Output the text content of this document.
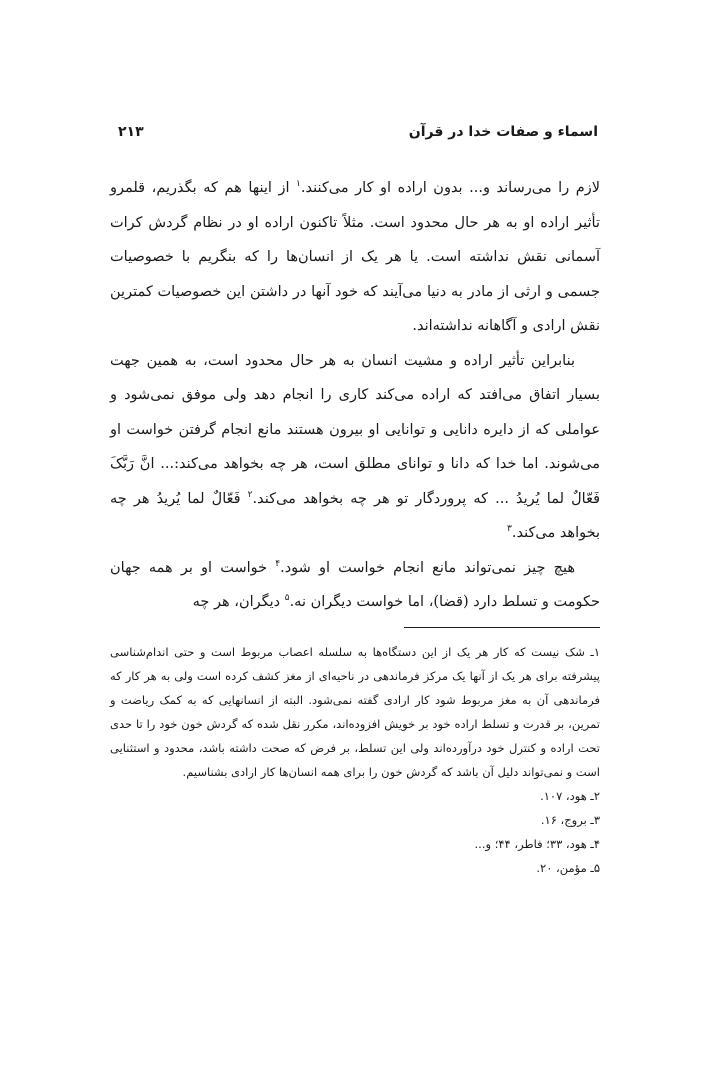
۲۱۳	اسماء و صفات خدا در قرآن

لازم را می‌رساند و... بدون اراده او کار می‌کنند.$^۱$ از اینها هم که بگذریم، قلمرو تأثیر اراده او به هر حال محدود است. مثلاً تاکنون اراده او در نظام گردش کرات آسمانی نقش نداشته است. یا هر یک از انسان‌ها را که بنگریم با خصوصیات جسمی و ارثی از مادر به دنیا می‌آیند که خود آنها در داشتن این خصوصیات کمترین نقش ارادی و آگاهانه نداشته‌اند.

بنابراین تأثیر اراده و مشیت انسان به هر حال محدود است، به همین جهت بسیار اتفاق می‌افتد که اراده می‌کند کاری را انجام دهد ولی موفق نمی‌شود و عواملی که از دایره دانایی و توانایی او بیرون هستند مانع انجام گرفتن خواست او می‌شوند. اما خدا که دانا و توانای مطلق است، هر چه بخواهد می‌کند:... انَّ رَبَّکَ فَعّالٌ لما یُریدُ ... که پروردگار تو هر چه بخواهد می‌کند.$^۲$ فَعّالٌ لما یُریدُ هر چه بخواهد می‌کند.$^۳$

هیچ چیز نمی‌تواند مانع انجام خواست او شود.$^۴$ خواست او بر همه جهان حکومت و تسلط دارد (قضا)، اما خواست دیگران نه.$^۵$ دیگران، هر چه

۱ـ شک نیست که کار هر یک از این دستگاه‌ها به سلسله اعصاب مربوط است و حتی اندام‌شناسی پیشرفته برای هر یک از آنها یک مرکز فرماندهی در ناحیه‌ای از مغز کشف کرده است ولی به هر کار که فرماندهی آن به مغز مربوط شود کار ارادی گفته نمی‌شود. البته از انسانهایی که به کمک ریاضت و تمرین، بر قدرت و تسلط اراده خود بر خویش افزوده‌اند، مکرر نقل شده که گردش خون خود را تا حدی تحت اراده و کنترل خود درآورده‌اند ولی این تسلط، بر فرض که صحت داشته باشد، محدود و استثنایی است و نمی‌تواند دلیل آن باشد که گردش خون را برای همه انسان‌ها کار ارادی بشناسیم.

۲ـ هود، ۱۰۷.

۳ـ بروج، ۱۶.

۴ـ هود، ۳۳؛ فاطر، ۴۴؛ و...

۵ـ مؤمن، ۲۰.
